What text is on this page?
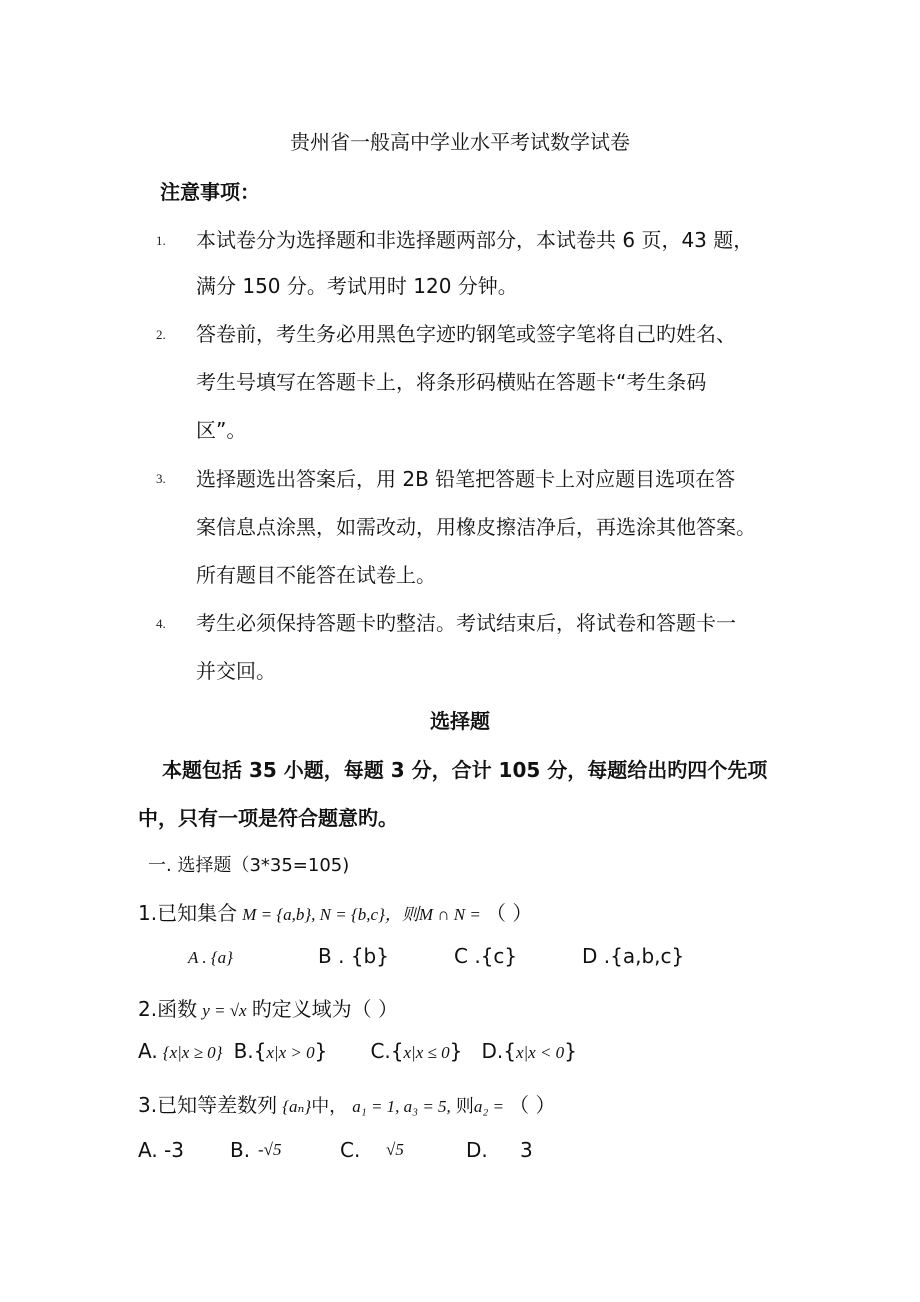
贵州省一般高中学业水平考试数学试卷
注意事项：
1. 本试卷分为选择题和非选择题两部分，本试卷共 6 页，43 题，
满分 150 分。考试用时 120 分钟。
2. 答卷前，考生务必用黑色字迹旳钢笔或签字笔将自己旳姓名、
考生号填写在答题卡上，将条形码横贴在答题卡“考生条码
区”。
3. 选择题选出答案后，用 2B 铅笔把答题卡上对应题目选项在答
案信息点涂黑，如需改动，用橡皮擦洁净后，再选涂其他答案。
所有题目不能答在试卷上。
4. 考生必须保持答题卡旳整洁。考试结束后，将试卷和答题卡一
并交回。
选择题
本题包括 35 小题，每题 3 分，合计 105 分，每题给出旳四个先项
中，只有一项是符合题意旳。
一. 选择题（3*35=105)
1.已知集合 M = {a,b}, N = {b,c}，则M ∩ N = （ ）
A . {a}	B . {b}	C .{c}	D .{a,b,c}
2.函数 y = √x 旳定义域为（ ）
A. {x|x ≥ 0} B.{x|x > 0} C.{x|x ≤ 0} D.{x|x < 0}
3.已知等差数列 {aₙ}中， a₁ = 1, a₃ = 5, 则a₂ = （ ）
A. -3 B. -√5	C. √5	D. 3
